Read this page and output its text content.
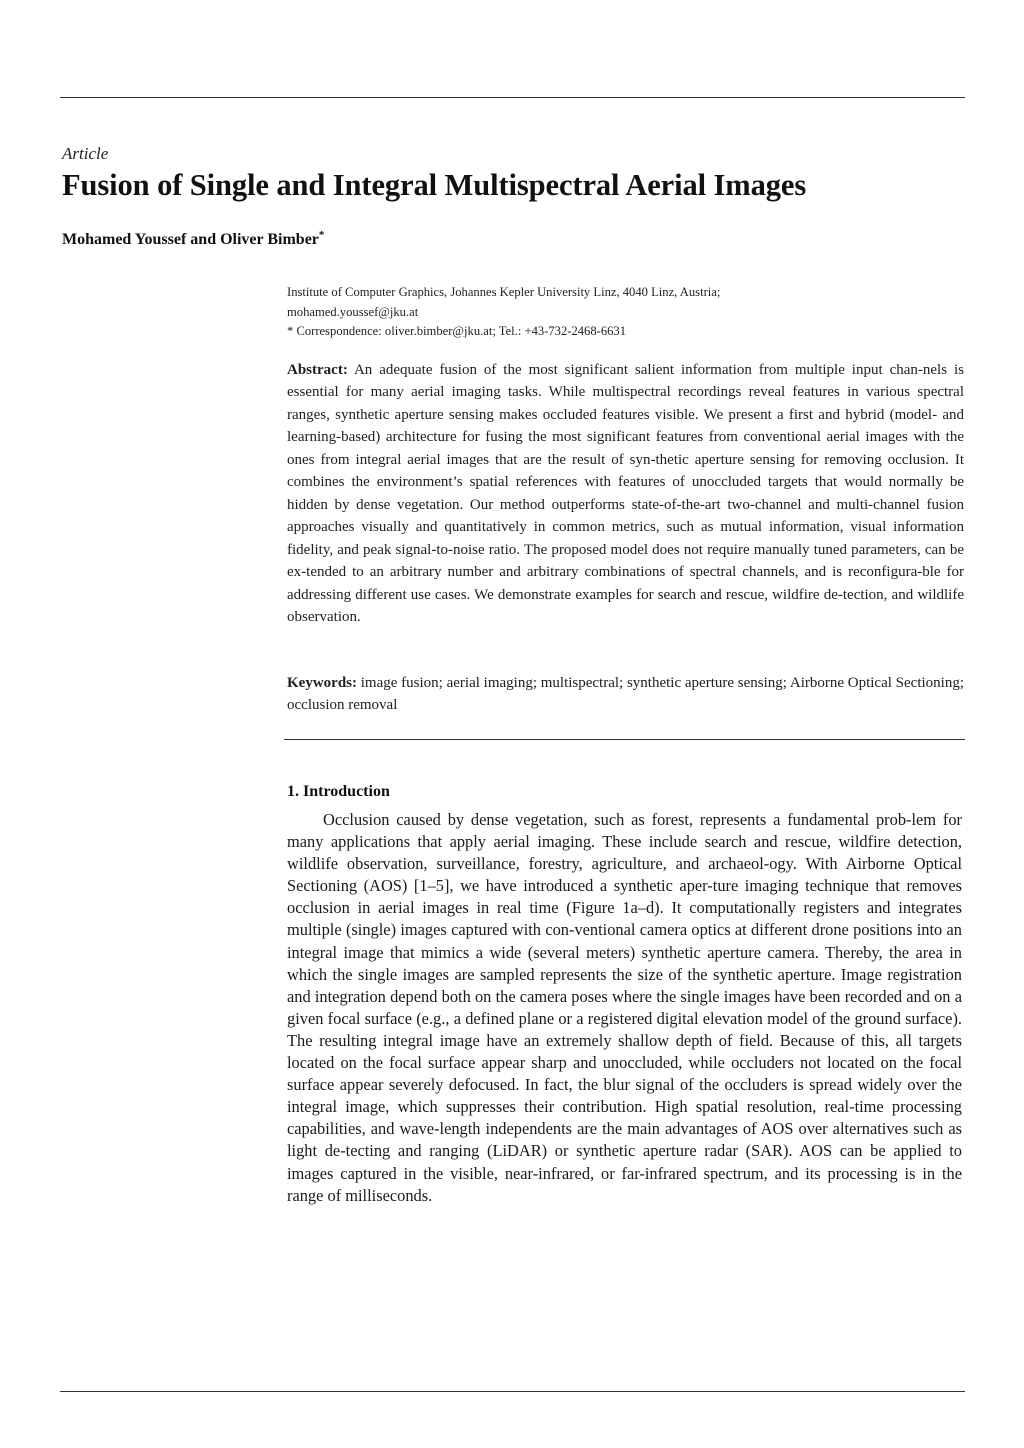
Article
Fusion of Single and Integral Multispectral Aerial Images
Mohamed Youssef and Oliver Bimber*
Institute of Computer Graphics, Johannes Kepler University Linz, 4040 Linz, Austria;
mohamed.youssef@jku.at
* Correspondence: oliver.bimber@jku.at; Tel.: +43-732-2468-6631

Abstract: An adequate fusion of the most significant salient information from multiple input chan-nels is essential for many aerial imaging tasks. While multispectral recordings reveal features in various spectral ranges, synthetic aperture sensing makes occluded features visible. We present a first and hybrid (model- and learning-based) architecture for fusing the most significant features from conventional aerial images with the ones from integral aerial images that are the result of syn-thetic aperture sensing for removing occlusion. It combines the environment’s spatial references with features of unoccluded targets that would normally be hidden by dense vegetation. Our method outperforms state-of-the-art two-channel and multi-channel fusion approaches visually and quantitatively in common metrics, such as mutual information, visual information fidelity, and peak signal-to-noise ratio. The proposed model does not require manually tuned parameters, can be ex-tended to an arbitrary number and arbitrary combinations of spectral channels, and is reconfigura-ble for addressing different use cases. We demonstrate examples for search and rescue, wildfire de-tection, and wildlife observation.

Keywords: image fusion; aerial imaging; multispectral; synthetic aperture sensing; Airborne Optical Sectioning; occlusion removal

1. Introduction

Occlusion caused by dense vegetation, such as forest, represents a fundamental prob-lem for many applications that apply aerial imaging. These include search and rescue, wildfire detection, wildlife observation, surveillance, forestry, agriculture, and archaeol-ogy. With Airborne Optical Sectioning (AOS) [1–5], we have introduced a synthetic aper-ture imaging technique that removes occlusion in aerial images in real time (Figure 1a–d). It computationally registers and integrates multiple (single) images captured with con-ventional camera optics at different drone positions into an integral image that mimics a wide (several meters) synthetic aperture camera. Thereby, the area in which the single images are sampled represents the size of the synthetic aperture. Image registration and integration depend both on the camera poses where the single images have been recorded and on a given focal surface (e.g., a defined plane or a registered digital elevation model of the ground surface). The resulting integral image have an extremely shallow depth of field. Because of this, all targets located on the focal surface appear sharp and unoccluded, while occluders not located on the focal surface appear severely defocused. In fact, the blur signal of the occluders is spread widely over the integral image, which suppresses their contribution. High spatial resolution, real-time processing capabilities, and wave-length independents are the main advantages of AOS over alternatives such as light de-tecting and ranging (LiDAR) or synthetic aperture radar (SAR). AOS can be applied to images captured in the visible, near-infrared, or far-infrared spectrum, and its processing is in the range of milliseconds.
